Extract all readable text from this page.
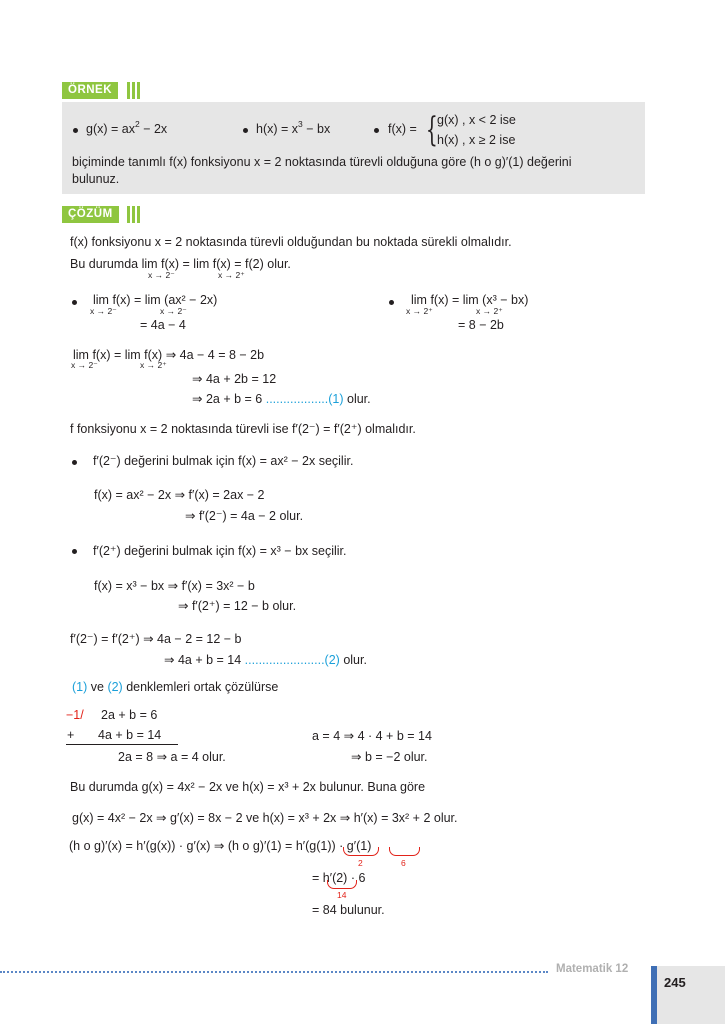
ÖRNEK
$g(x) = ax^2 - 2x$	$h(x) = x^3$ − bx	f(x) = { g(x) , x < 2 ise
h(x) , x ≥ 2 ise
biçiminde tanımlı f(x) fonksiyonu x = 2 noktasında türevli olduğuna göre (h o g)′(1) değerini
bulunuz.
ÇÖZÜM
f(x) fonksiyonu x = 2 noktasında türevli olduğundan bu noktada sürekli olmalıdır.
Bu durumda lim f(x) = lim f(x) = f(2) olur.
x → 2⁻	x → 2⁺
lim f(x) = lim (ax² − 2x)
x → 2⁻	x → 2⁻
= 4a − 4
lim f(x) = lim (x³ − bx)
x → 2⁺	x → 2⁺
= 8 − 2b
lim f(x) = lim f(x) ⇒ 4a − 4 = 8 − 2b
x → 2⁻	x → 2⁺
⇒ 4a + 2b = 12
⇒ 2a + b = 6 ..................(1) olur.
f fonksiyonu x = 2 noktasında türevli ise f′(2⁻) = f′(2⁺) olmalıdır.
f′(2⁻) değerini bulmak için f(x) = ax² − 2x seçilir.
f(x) = ax² − 2x ⇒ f′(x) = 2ax − 2
⇒ f′(2⁻) = 4a − 2 olur.
f′(2⁺) değerini bulmak için f(x) = x³ − bx seçilir.
f(x) = x³ − bx ⇒ f′(x) = 3x² − b
⇒ f′(2⁺) = 12 − b olur.
f′(2⁻) = f′(2⁺) ⇒ 4a − 2 = 12 − b
⇒ 4a + b = 14 .......................(2) olur.
(1) ve (2) denklemleri ortak çözülürse
−1/ 2a + b = 6
+ 4a + b = 14
2a = 8 ⇒ a = 4 olur.
a = 4 ⇒ 4 · 4 + b = 14
⇒ b = −2 olur.
Bu durumda g(x) = 4x² − 2x ve h(x) = x³ + 2x bulunur. Buna göre
g(x) = 4x² − 2x ⇒ g′(x) = 8x − 2 ve h(x) = x³ + 2x ⇒ h′(x) = 3x² + 2 olur.
(h o g)′(x) = h′(g(x)) · g′(x) ⇒ (h o g)′(1) = h′(g(1)) · g′(1)
2	6
= h′(2) · 6
14
= 84 bulunur.
Matematik 12
245
